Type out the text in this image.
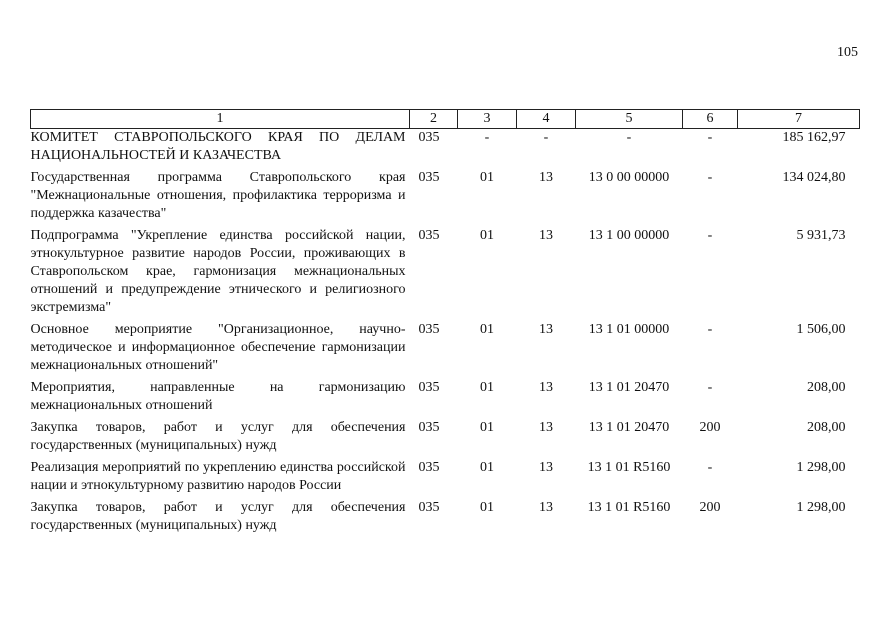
105
1	2	3	4	5	6	7
КОМИТЕТ СТАВРОПОЛЬСКОГО КРАЯ ПО ДЕЛАМ НАЦИОНАЛЬНОСТЕЙ И КАЗАЧЕСТВА	035	-	-	-	-	185 162,97
Государственная программа Ставропольского края "Межнациональные отношения, профилактика терроризма и поддержка казачества"	035	01	13	13 0 00 00000	-	134 024,80
Подпрограмма "Укрепление единства российской нации, этнокультурное развитие народов России, проживающих в Ставропольском крае, гармонизация межнациональных отношений и предупреждение этнического и религиозного экстремизма"	035	01	13	13 1 00 00000	-	5 931,73
Основное мероприятие "Организационное, научно-методическое и информационное обеспечение гармонизации межнациональных отношений"	035	01	13	13 1 01 00000	-	1 506,00
Мероприятия, направленные на гармонизацию межнациональных отношений	035	01	13	13 1 01 20470	-	208,00
Закупка товаров, работ и услуг для обеспечения государственных (муниципальных) нужд	035	01	13	13 1 01 20470	200	208,00
Реализация мероприятий по укреплению единства российской нации и этнокультурному развитию народов России	035	01	13	13 1 01 R5160	-	1 298,00
Закупка товаров, работ и услуг для обеспечения государственных (муниципальных) нужд	035	01	13	13 1 01 R5160	200	1 298,00
